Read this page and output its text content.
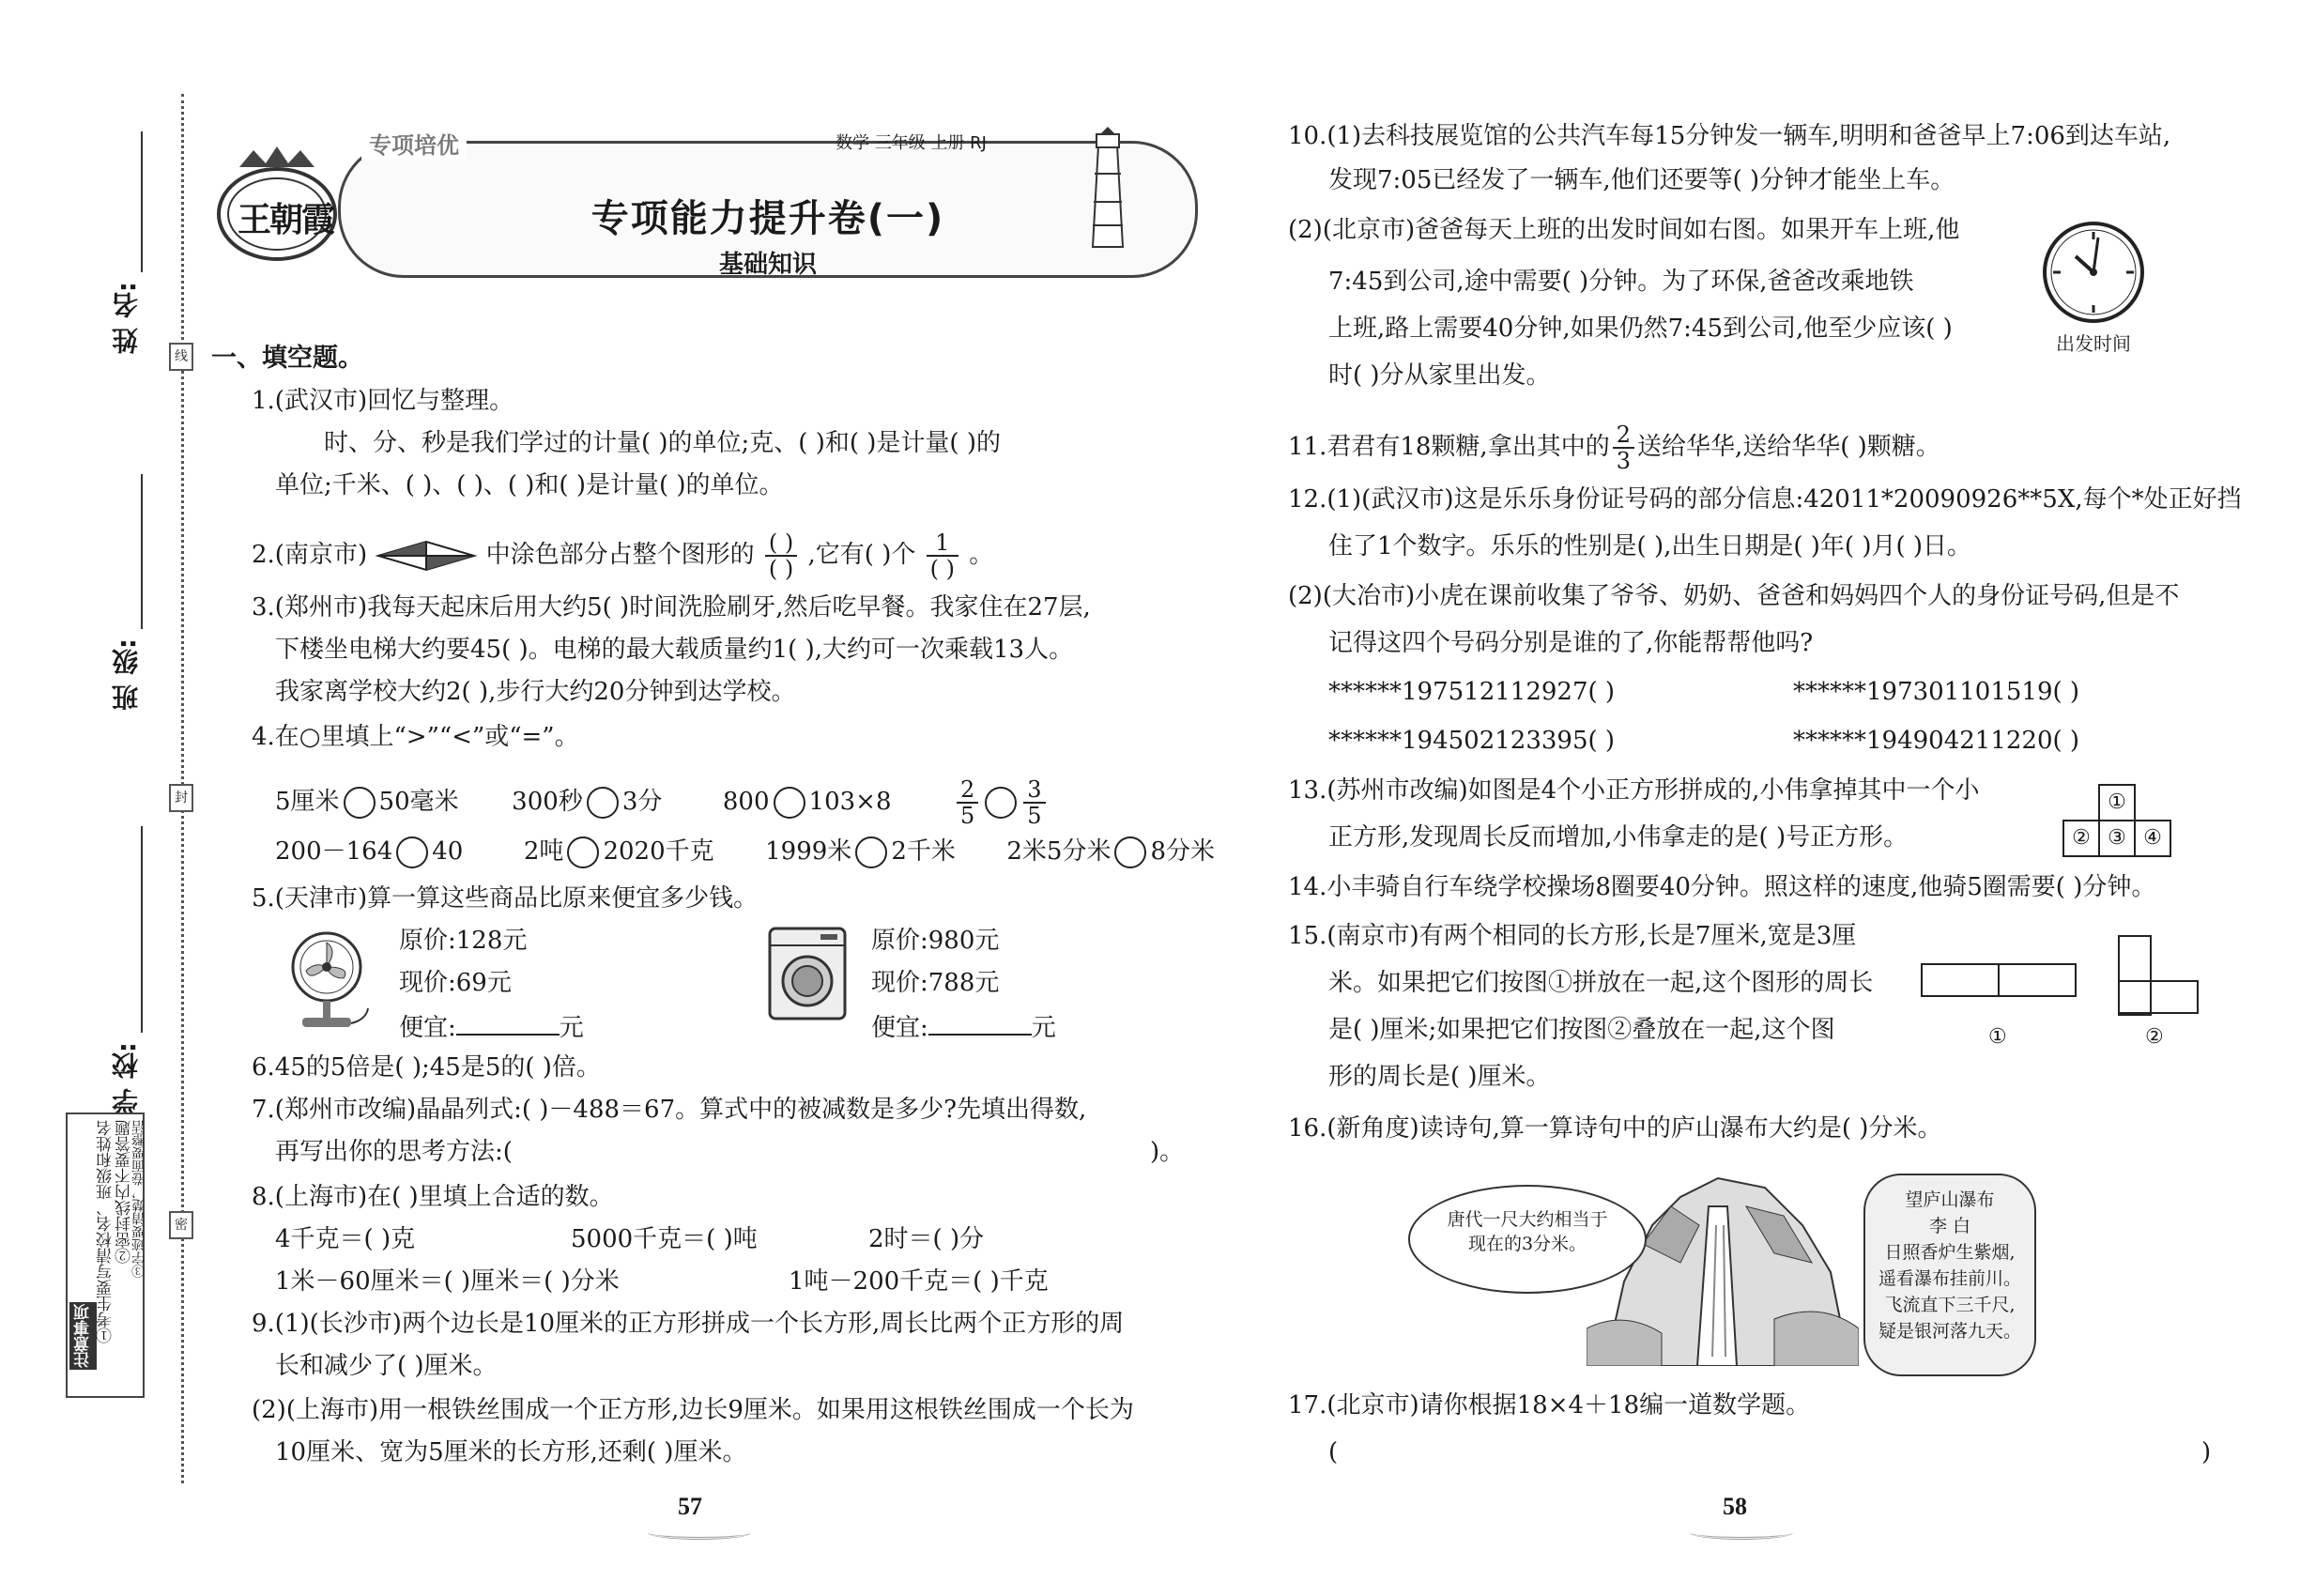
姓 名:
班 级:
学 校:
线
封
密
注意事项 ①考生要写清校名、班级和姓名 ②密封线内不要答题
③字迹要清楚，卷面要整洁
王朝霞	专项能力提升卷(一)
基础知识
专项培优	数学 三年级 上册 RJ
一、填空题。
1.(武汉市)回忆与整理。
时、分、秒是我们学过的计量( )的单位;克、( )和( )是计量( )的
单位;千米、( )、( )、( )和( )是计量( )的单位。
2.(南京市)	中涂色部分占整个图形的 $\frac{( )}{( )}$ ,它有( )个 $\frac{1}{( )}$ 。
3.(郑州市)我每天起床后用大约5( )时间洗脸刷牙,然后吃早餐。我家住在27层,
下楼坐电梯大约要45( )。电梯的最大载质量约1( ),大约可一次乘载13人。
我家离学校大约2( ),步行大约20分钟到达学校。
4.在○里填上“>”“<”或“=”。
5厘米 50毫米 300秒 3分 800 103×8	$\frac{2}{5} \frac{3}{5}$
200－164 40 2吨 2020千克 1999米 2千米 2米5分米 8分米
5.(天津市)算一算这些商品比原来便宜多少钱。
原价:128元
现价:69元
便宜:	元
原价:980元
现价:788元
便宜:	元
6.45的5倍是( );45是5的( )倍。
7.(郑州市改编)晶晶列式:( )－488＝67。算式中的被减数是多少?先填出得数,
再写出你的思考方法:(	)。
8.(上海市)在( )里填上合适的数。
4千克＝( )克	5000千克＝( )吨	2时＝( )分
1米－60厘米＝( )厘米＝( )分米	1吨－200千克＝( )千克
9.(1)(长沙市)两个边长是10厘米的正方形拼成一个长方形,周长比两个正方形的周
长和减少了( )厘米。
(2)(上海市)用一根铁丝围成一个正方形,边长9厘米。如果用这根铁丝围成一个长为
10厘米、宽为5厘米的长方形,还剩( )厘米。
57
10.(1)去科技展览馆的公共汽车每15分钟发一辆车,明明和爸爸早上7:06到达车站,
发现7:05已经发了一辆车,他们还要等( )分钟才能坐上车。
(2)(北京市)爸爸每天上班的出发时间如右图。如果开车上班,他
7:45到公司,途中需要( )分钟。为了环保,爸爸改乘地铁
上班,路上需要40分钟,如果仍然7:45到公司,他至少应该( )
时( )分从家里出发。
出发时间
11.君君有18颗糖,拿出其中的 $\frac{2}{3}$ 送给华华,送给华华( )颗糖。
12.(1)(武汉市)这是乐乐身份证号码的部分信息:42011*20090926**5X,每个*处正好挡
住了1个数字。乐乐的性别是( ),出生日期是( )年( )月( )日。
(2)(大冶市)小虎在课前收集了爷爷、奶奶、爸爸和妈妈四个人的身份证号码,但是不
记得这四个号码分别是谁的了,你能帮帮他吗?
******197512112927( )	******197301101519( )
******194502123395( )	******194904211220( )
13.(苏州市改编)如图是4个小正方形拼成的,小伟拿掉其中一个小
正方形,发现周长反而增加,小伟拿走的是( )号正方形。
①
② ③ ④
14.小丰骑自行车绕学校操场8圈要40分钟。照这样的速度,他骑5圈需要( )分钟。
15.(南京市)有两个相同的长方形,长是7厘米,宽是3厘
米。如果把它们按图①拼放在一起,这个图形的周长
是( )厘米;如果把它们按图②叠放在一起,这个图
形的周长是( )厘米。
①	②
16.(新角度)读诗句,算一算诗句中的庐山瀑布大约是( )分米。
唐代一尺大约相当于
现在的3分米。
望庐山瀑布
李 白
日照香炉生紫烟,
遥看瀑布挂前川。
飞流直下三千尺,
疑是银河落九天。
17.(北京市)请你根据18×4＋18编一道数学题。
(	)
58
